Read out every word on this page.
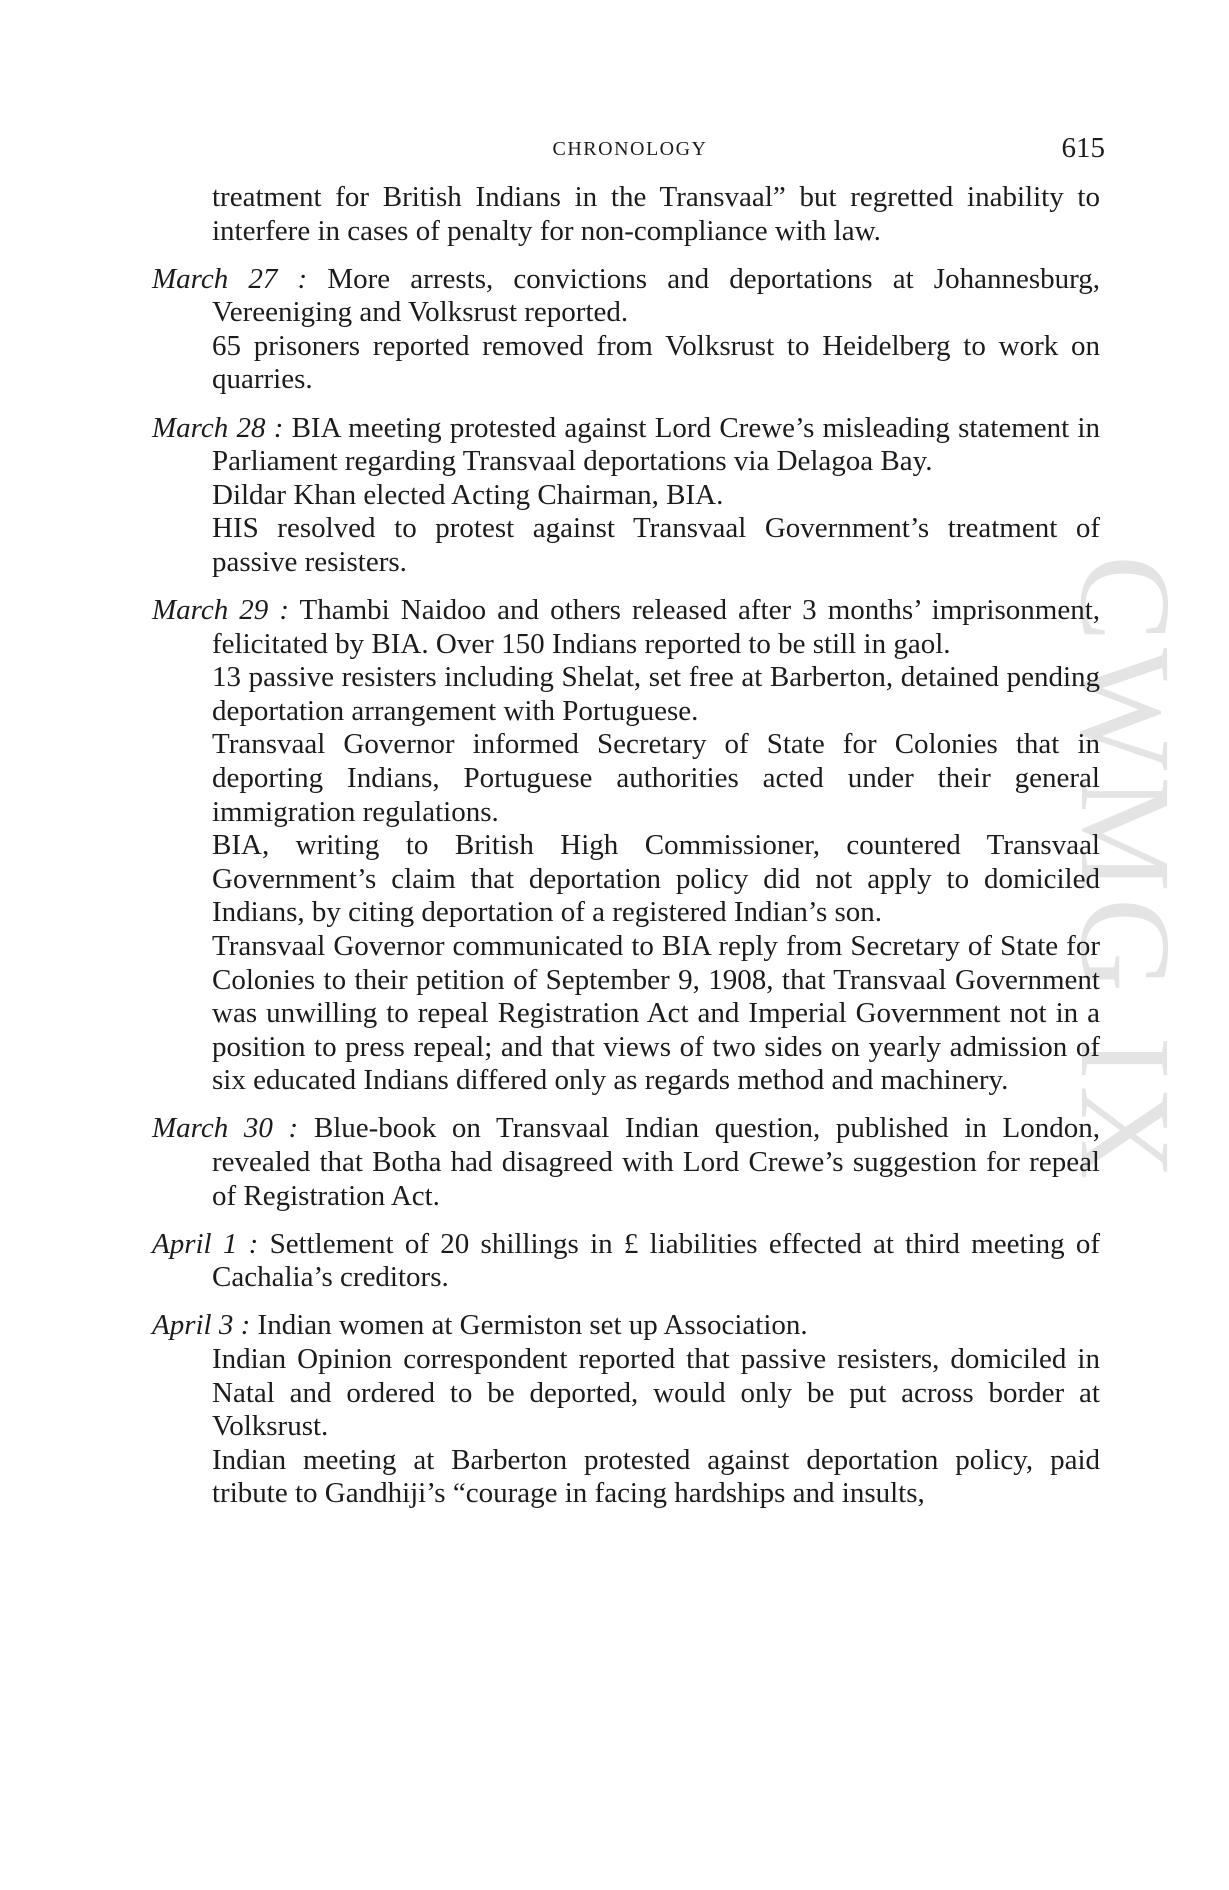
CHRONOLOGY	615
CWMG IX

treatment for British Indians in the Transvaal” but regretted inability to interfere in cases of penalty for non-compliance with law.

March 27 : More arrests, convictions and deportations at Johannesburg, Vereeniging and Volksrust reported.

65 prisoners reported removed from Volksrust to Heidelberg to work on quarries.

March 28 : BIA meeting protested against Lord Crewe’s misleading statement in Parliament regarding Transvaal deportations via Delagoa Bay.

Dildar Khan elected Acting Chairman, BIA.

HIS resolved to protest against Transvaal Government’s treatment of passive resisters.

March 29 : Thambi Naidoo and others released after 3 months’ imprisonment, felicitated by BIA. Over 150 Indians reported to be still in gaol.

13 passive resisters including Shelat, set free at Barberton, detained pending deportation arrangement with Portuguese.

Transvaal Governor informed Secretary of State for Colonies that in deporting Indians, Portuguese authorities acted under their general immigration regulations.

BIA, writing to British High Commissioner, countered Transvaal Government’s claim that deportation policy did not apply to domiciled Indians, by citing deportation of a registered Indian’s son.

Transvaal Governor communicated to BIA reply from Secretary of State for Colonies to their petition of September 9, 1908, that Transvaal Government was unwilling to repeal Registration Act and Imperial Government not in a position to press repeal; and that views of two sides on yearly admission of six educated Indians differed only as regards method and machinery.

March 30 : Blue-book on Transvaal Indian question, published in London, revealed that Botha had disagreed with Lord Crewe’s suggestion for repeal of Registration Act.

April 1 : Settlement of 20 shillings in £ liabilities effected at third meeting of Cachalia’s creditors.

April 3 : Indian women at Germiston set up Association.

Indian Opinion correspondent reported that passive resisters, domiciled in Natal and ordered to be deported, would only be put across border at Volksrust.

Indian meeting at Barberton protested against deportation policy, paid tribute to Gandhiji’s “courage in facing hardships and insults,
